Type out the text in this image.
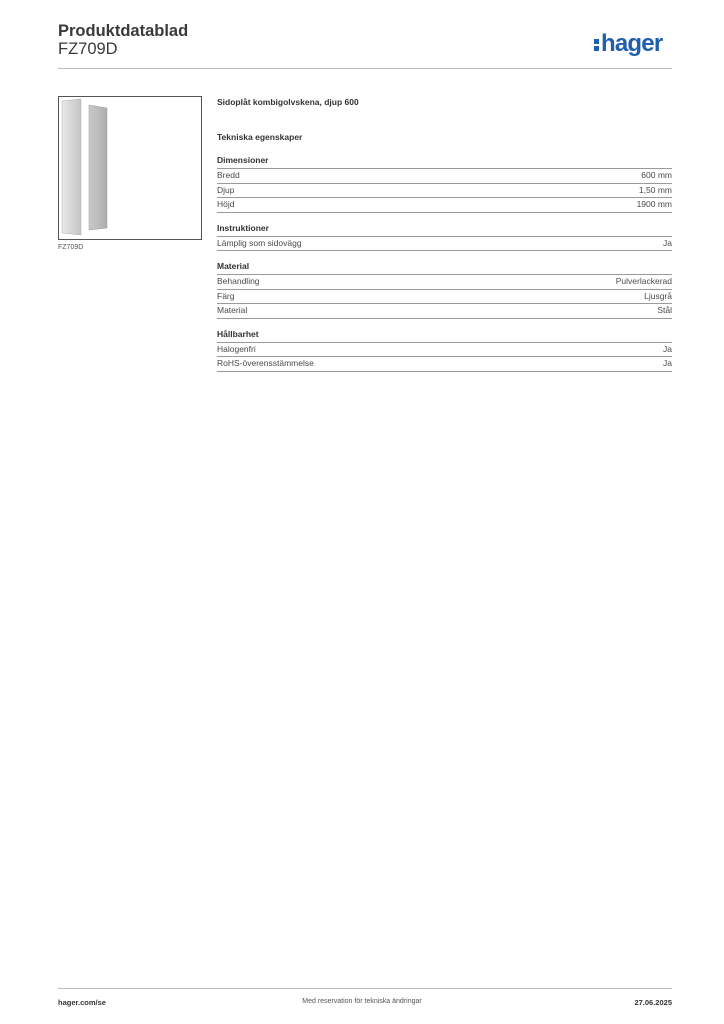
Produktdatablad
FZ709D	hager
FZ709D
Sidoplåt kombigolvskena, djup 600
Tekniska egenskaper
Dimensioner
Bredd	600 mm
Djup	1,50 mm
Höjd	1900 mm
Instruktioner
Lämplig som sidovägg	Ja
Material
Behandling	Pulverlackerad
Färg	Ljusgrå
Material	Stål
Hållbarhet
Halogenfri	Ja
RoHS-överensstämmelse	Ja
hager.com/se	Med reservation för tekniska ändringar	27.06.2025
